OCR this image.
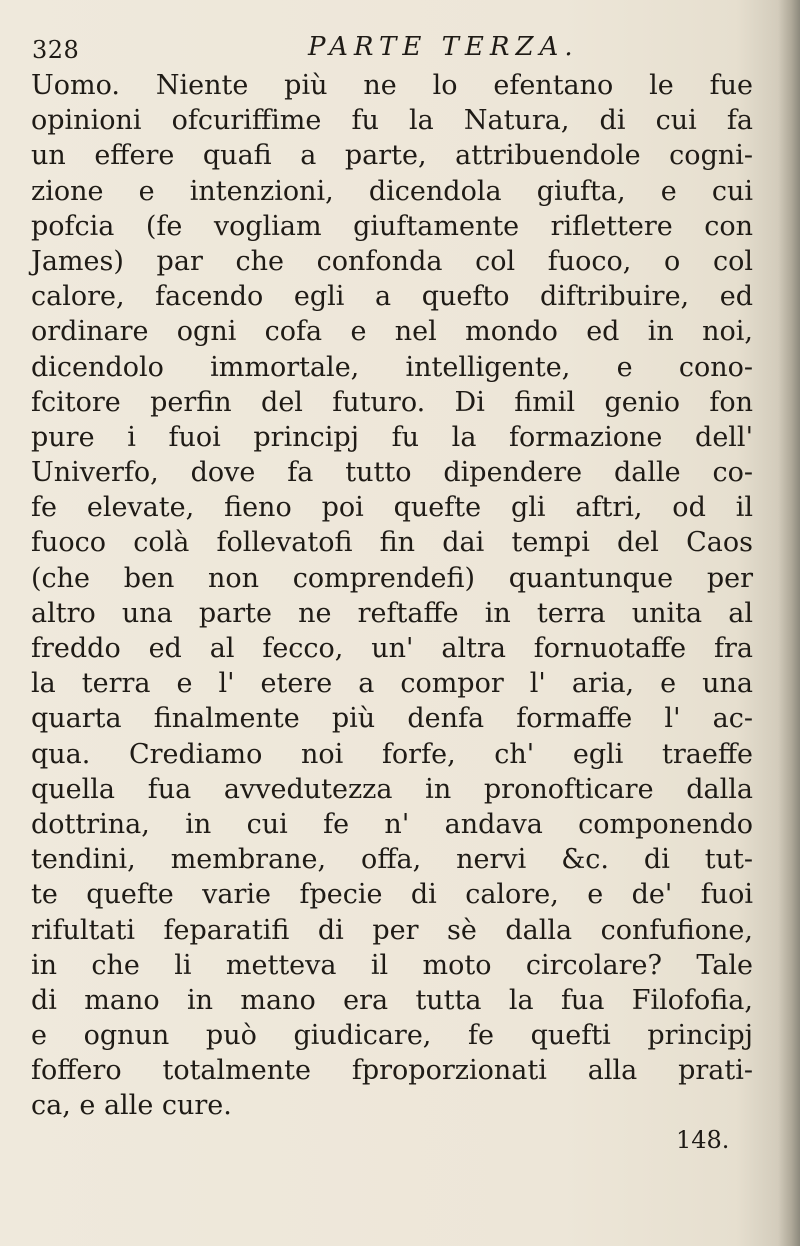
328	PARTE TERZA.
Uomo. Niente più ne lo efentano le fue
opinioni ofcuriffime fu la Natura, di cui fa
un effere quafi a parte, attribuendole cogni-
zione e intenzioni, dicendola giufta, e cui
pofcia (fe vogliam giuftamente riflettere con
James) par che confonda col fuoco, o col
calore, facendo egli a quefto diftribuire, ed
ordinare ogni cofa e nel mondo ed in noi,
dicendolo immortale, intelligente, e cono-
fcitore perfin del futuro. Di fimil genio fon
pure i fuoi principj fu la formazione dell'
Univerfo, dove fa tutto dipendere dalle co-
fe elevate, fieno poi quefte gli aftri, od il
fuoco colà follevatofi fin dai tempi del Caos
(che ben non comprendefi) quantunque per
altro una parte ne reftaffe in terra unita al
freddo ed al fecco, un' altra fornuotaffe fra
la terra e l' etere a compor l' aria, e una
quarta finalmente più denfa formaffe l' ac-
qua. Crediamo noi forfe, ch' egli traeffe
quella fua avvedutezza in pronofticare dalla
dottrina, in cui fe n' andava componendo
tendini, membrane, offa, nervi &c. di tut-
te quefte varie fpecie di calore, e de' fuoi
rifultati feparatifi di per sè dalla confufione,
in che li metteva il moto circolare? Tale
di mano in mano era tutta la fua Filofofia,
e ognun può giudicare, fe quefti principj
foffero totalmente fproporzionati alla prati-
ca, e alle cure.
148.
